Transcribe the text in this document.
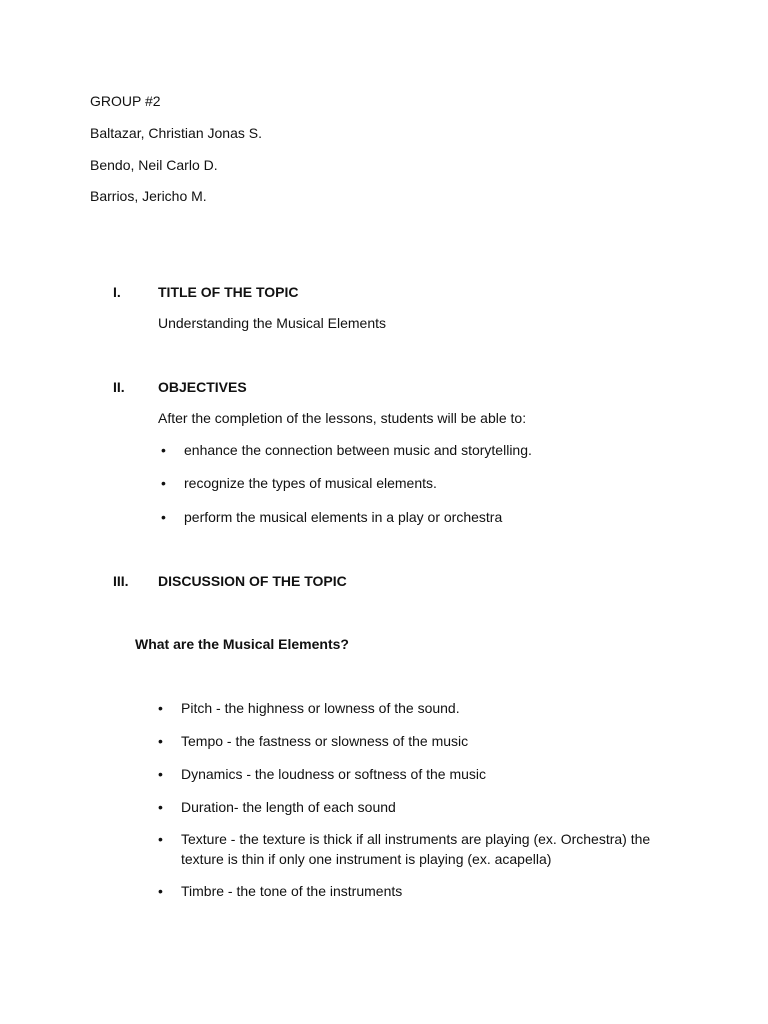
GROUP #2
Baltazar, Christian Jonas S.
Bendo, Neil Carlo D.
Barrios, Jericho M.
I.	TITLE OF THE TOPIC
Understanding the Musical Elements
II. OBJECTIVES
After the completion of the lessons, students will be able to:
• enhance the connection between music and storytelling.
• recognize the types of musical elements.
• perform the musical elements in a play or orchestra
III. DISCUSSION OF THE TOPIC
What are the Musical Elements?
• Pitch - the highness or lowness of the sound.
• Tempo - the fastness or slowness of the music
• Dynamics - the loudness or softness of the music
• Duration- the length of each sound
• Texture - the texture is thick if all instruments are playing (ex. Orchestra) the texture is thin if only one instrument is playing (ex. acapella)
• Timbre - the tone of the instruments
